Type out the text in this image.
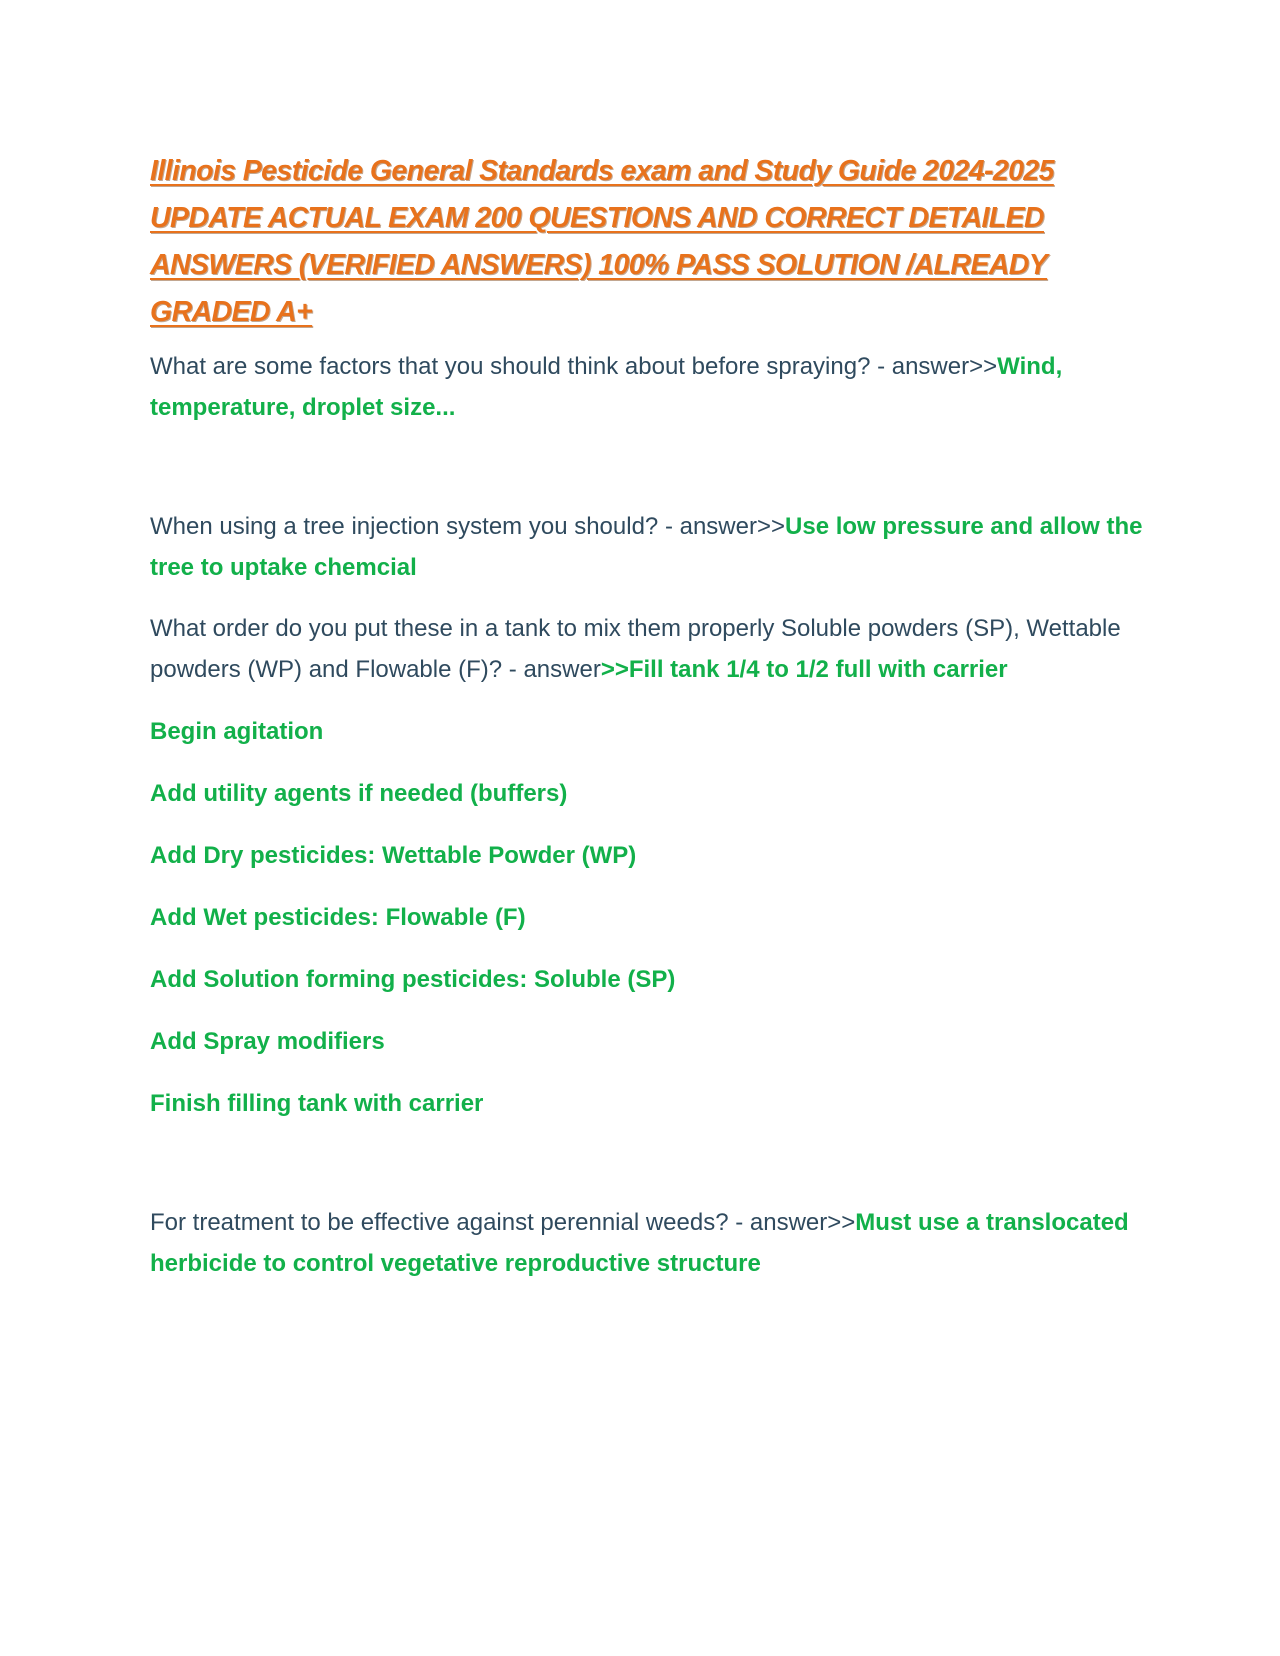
Illinois Pesticide General Standards exam and Study Guide 2024-2025 UPDATE ACTUAL EXAM 200 QUESTIONS AND CORRECT DETAILED ANSWERS (VERIFIED ANSWERS) 100% PASS SOLUTION /ALREADY GRADED A+

What are some factors that you should think about before spraying? - answer>>Wind, temperature, droplet size...

When using a tree injection system you should? - answer>>Use low pressure and allow the tree to uptake chemcial

What order do you put these in a tank to mix them properly Soluble powders (SP), Wettable powders (WP) and Flowable (F)? - answer>>Fill tank 1/4 to 1/2 full with carrier

Begin agitation

Add utility agents if needed (buffers)

Add Dry pesticides: Wettable Powder (WP)

Add Wet pesticides: Flowable (F)

Add Solution forming pesticides: Soluble (SP)

Add Spray modifiers

Finish filling tank with carrier

For treatment to be effective against perennial weeds? - answer>>Must use a translocated herbicide to control vegetative reproductive structure
